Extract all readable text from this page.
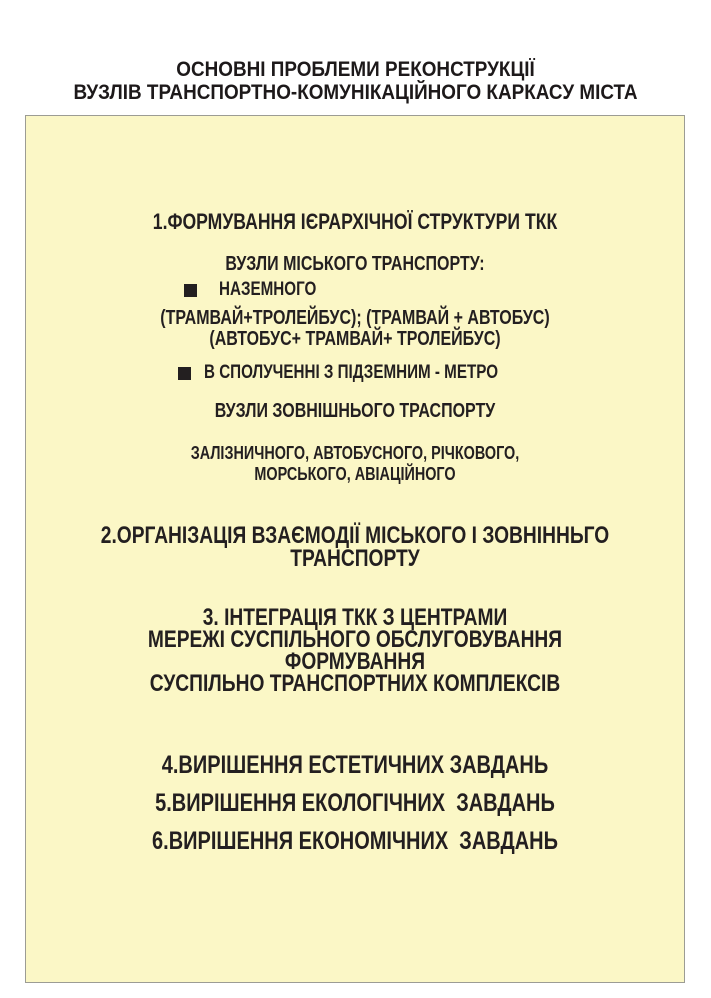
ОСНОВНІ ПРОБЛЕМИ РЕКОНСТРУКЦІЇ
ВУЗЛІВ ТРАНСПОРТНО-КОМУНІКАЦІЙНОГО КАРКАСУ МІСТА
1.ФОРМУВАННЯ ІЄРАРХІЧНОЇ СТРУКТУРИ ТКК
ВУЗЛИ МІСЬКОГО ТРАНСПОРТУ:
НАЗЕМНОГО
(ТРАМВАЙ+ТРОЛЕЙБУС); (ТРАМВАЙ + АВТОБУС)
(АВТОБУС+ ТРАМВАЙ+ ТРОЛЕЙБУС)
В СПОЛУЧЕННІ З ПІДЗЕМНИМ - МЕТРО
ВУЗЛИ ЗОВНІШНЬОГО ТРАСПОРТУ
ЗАЛІЗНИЧНОГО, АВТОБУСНОГО, РІЧКОВОГО,
МОРСЬКОГО, АВІАЦІЙНОГО
2.ОРГАНІЗАЦІЯ ВЗАЄМОДІЇ МІСЬКОГО І ЗОВНІННЬГО
ТРАНСПОРТУ
3. ІНТЕГРАЦІЯ ТКК З ЦЕНТРАМИ
МЕРЕЖІ СУСПІЛЬНОГО ОБСЛУГОВУВАННЯ
ФОРМУВАННЯ
СУСПІЛЬНО ТРАНСПОРТНИХ КОМПЛЕКСІВ
4.ВИРІШЕННЯ ЕСТЕТИЧНИХ ЗАВДАНЬ
5.ВИРІШЕННЯ ЕКОЛОГІЧНИХ  ЗАВДАНЬ
6.ВИРІШЕННЯ ЕКОНОМІЧНИХ  ЗАВДАНЬ
